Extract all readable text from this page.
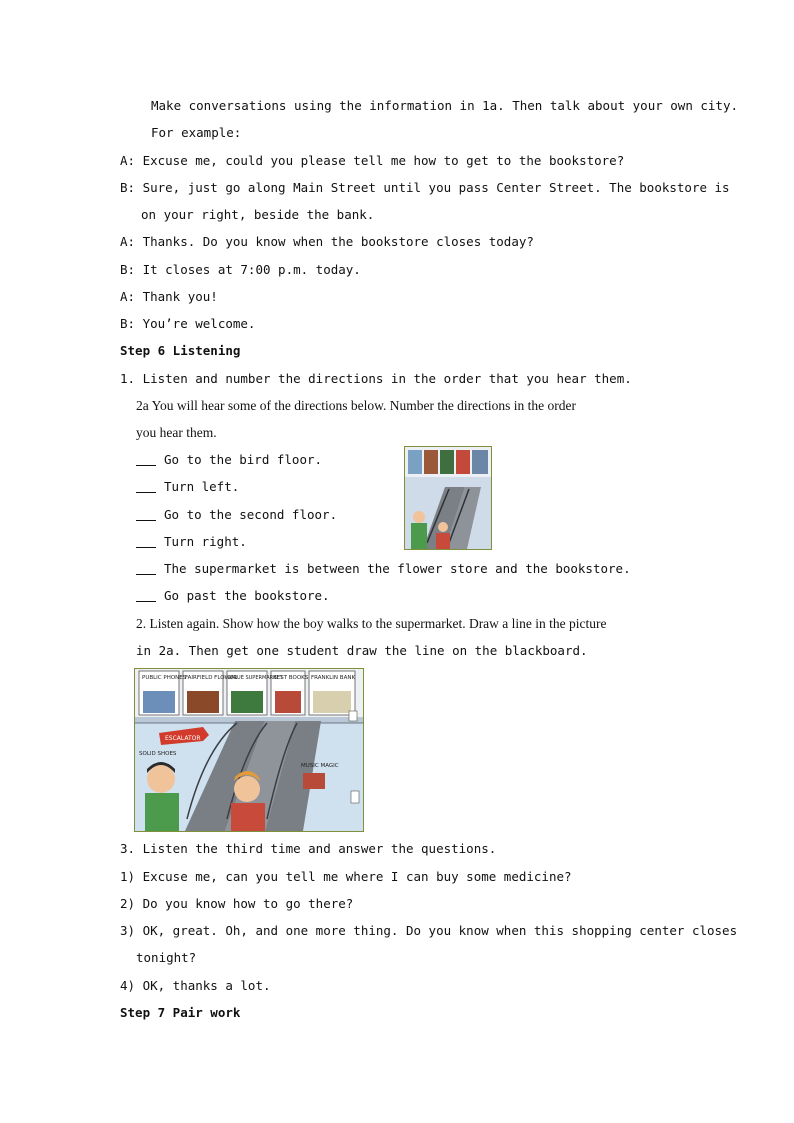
Make conversations using the information in 1a. Then talk about your own city.
For example:
A: Excuse me, could you please tell me how to get to the bookstore?
B: Sure, just go along Main Street until you pass Center Street. The bookstore is
on your right, beside the bank.
A: Thanks. Do you know when the bookstore closes today?
B: It closes at 7:00 p.m. today.
A: Thank you!
B: You’re welcome.
Step 6 Listening
1. Listen and number the directions in the order that you hear them.
2a You will hear some of the directions below. Number the directions in the order
you hear them.
Go to the bird floor.
Turn left.
Go to the second floor.
Turn right.
The supermarket is between the flower store and the bookstore.
Go past the bookstore.
2. Listen again. Show how the boy walks to the supermarket. Draw a line in the picture
in 2a. Then get one student draw the line on the blackboard.
PUBLIC PHONES
FAIRFIELD FLOWER
VALUE SUPERMARKET
BEST BOOKS FRANKLIN BANK
ESCALATOR
SOLID SHOES
MUSIC MAGIC
3. Listen the third time and answer the questions.
1) Excuse me, can you tell me where I can buy some medicine?
2) Do you know how to go there?
3) OK, great. Oh, and one more thing. Do you know when this shopping center closes
tonight?
4) OK, thanks a lot.
Step 7 Pair work
